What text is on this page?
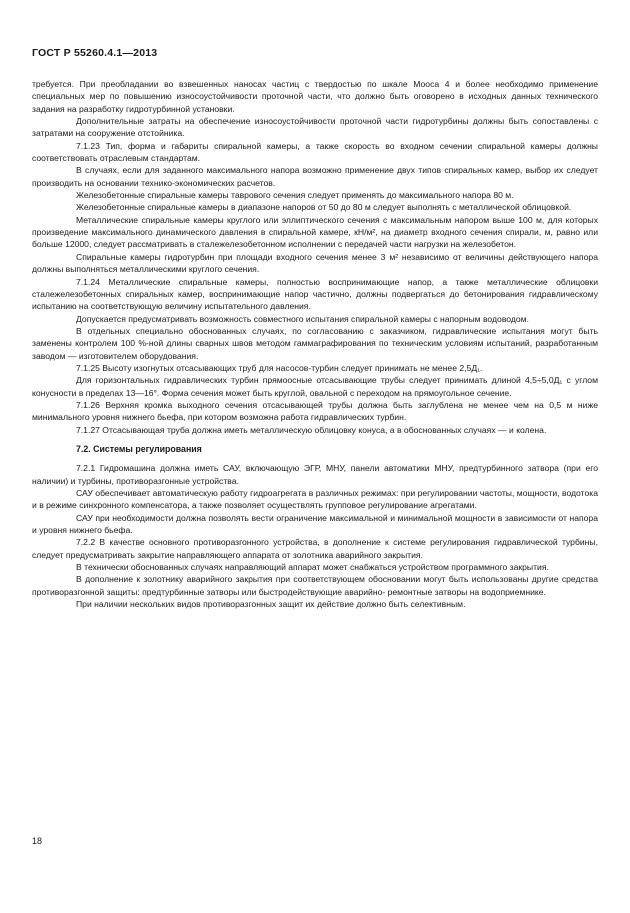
ГОСТ Р 55260.4.1—2013

требуется. При преобладании во взвешенных наносах частиц с твердостью по шкале Мооса 4 и более необходимо применение специальных мер по повышению износоустойчивости проточной части, что должно быть оговорено в исходных данных технического задания на разработку гидротурбинной установки.

Дополнительные затраты на обеспечение износоустойчивости проточной части гидротурбины должны быть сопоставлены с затратами на сооружение отстойника.

7.1.23 Тип, форма и габариты спиральной камеры, а также скорость во входном сечении спиральной камеры должны соответствовать отраслевым стандартам.

В случаях, если для заданного максимального напора возможно применение двух типов спиральных камер, выбор их следует производить на основании технико-экономических расчетов.

Железобетонные спиральные камеры таврового сечения следует применять до максимального напора 80 м.

Железобетонные спиральные камеры в диапазоне напоров от 50 до 80 м следует выполнять с металлической облицовкой.

Металлические спиральные камеры круглого или эллиптического сечения с максимальным напором выше 100 м, для которых произведение максимального динамического давления в спиральной камере, кН/м², на диаметр входного сечения спирали, м, равно или больше 12000, следует рассматривать в сталежелезобетонном исполнении с передачей части нагрузки на железобетон.

Спиральные камеры гидротурбин при площади входного сечения менее 3 м² независимо от величины действующего напора должны выполняться металлическими круглого сечения.

7.1.24 Металлические спиральные камеры, полностью воспринимающие напор, а также металлические облицовки сталежелезобетонных спиральных камер, воспринимающие напор частично, должны подвергаться до бетонирования гидравлическому испытанию на соответствующую величину испытательного давления.

Допускается предусматривать возможность совместного испытания спиральной камеры с напорным водоводом.

В отдельных специально обоснованных случаях, по согласованию с заказчиком, гидравлические испытания могут быть заменены контролем 100 %-ной длины сварных швов методом гаммаграфирования по техническим условиям испытаний, разработанным заводом — изготовителем оборудования.

7.1.25 Высоту изогнутых отсасывающих труб для насосов-турбин следует принимать не менее 2,5Д₁.

Для горизонтальных гидравлических турбин прямоосные отсасывающие трубы следует принимать длиной 4,5÷5,0Д₁ с углом конусности в пределах 13—16°. Форма сечения может быть круглой, овальной с переходом на прямоугольное сечение.

7.1.26 Верхняя кромка выходного сечения отсасывающей трубы должна быть заглублена не менее чем на 0,5 м ниже минимального уровня нижнего бьефа, при котором возможна работа гидравлических турбин.

7.1.27 Отсасывающая труба должна иметь металлическую облицовку конуса, а в обоснованных случаях — и колена.

7.2. Системы регулирования

7.2.1 Гидромашина должна иметь САУ, включающую ЭГР, МНУ, панели автоматики МНУ, предтурбинного затвора (при его наличии) и турбины, противоразгонные устройства.

САУ обеспечивает автоматическую работу гидроагрегата в различных режимах: при регулировании частоты, мощности, водотока и в режиме синхронного компенсатора, а также позволяет осуществлять групповое регулирование агрегатами.

САУ при необходимости должна позволять вести ограничение максимальной и минимальной мощности в зависимости от напора и уровня нижнего бьефа.

7.2.2 В качестве основного противоразгонного устройства, в дополнение к системе регулирования гидравлической турбины, следует предусматривать закрытие направляющего аппарата от золотника аварийного закрытия.

В технически обоснованных случаях направляющий аппарат может снабжаться устройством программного закрытия.

В дополнение к золотнику аварийного закрытия при соответствующем обосновании могут быть использованы другие средства противоразгонной защиты: предтурбинные затворы или быстродействующие аварийно- ремонтные затворы на водоприемнике.

При наличии нескольких видов противоразгонных защит их действие должно быть селективным.

18
